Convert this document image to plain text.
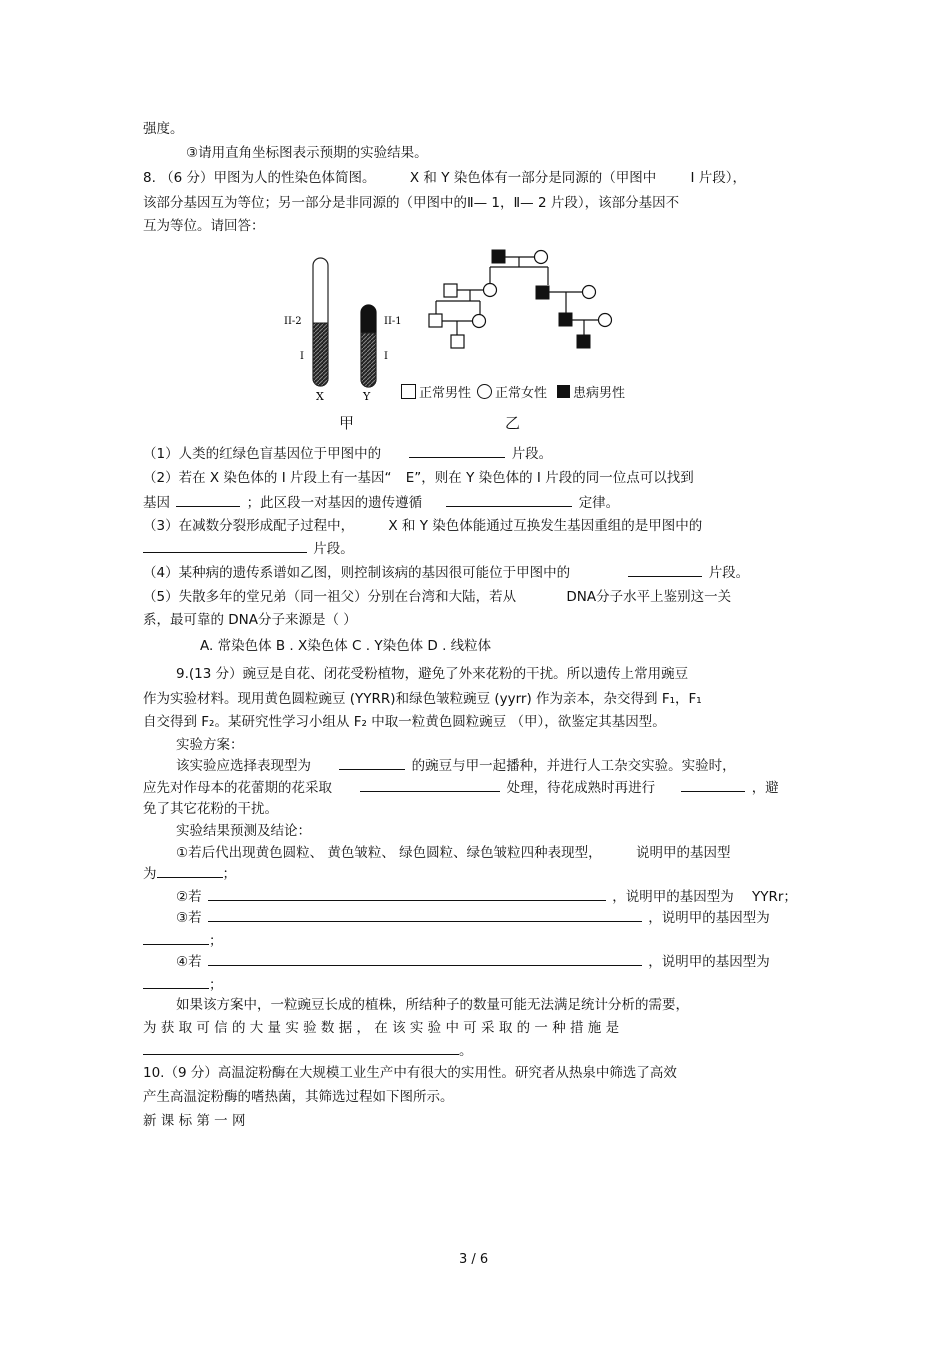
强度。
③请用直角坐标图表示预期的实验结果。
8. （6 分）甲图为人的性染色体简图。	X 和 Y 染色体有一部分是同源的（甲图中	I 片段），
该部分基因互为等位；另一部分是非同源的（甲图中的Ⅱ— 1，Ⅱ— 2 片段），该部分基因不
互为等位。请回答：
II-2
I
II-1
I
X	Y
甲
正常男性 正常女性 患病男性
乙
（1）人类的红绿色盲基因位于甲图中的	片段。
（2）若在 X 染色体的 I 片段上有一基因“ E”，则在 Y 染色体的 I 片段的同一位点可以找到
基因	；此区段一对基因的遗传遵循	定律。
（3）在减数分裂形成配子过程中，	X 和 Y 染色体能通过互换发生基因重组的是甲图中的
片段。
（4）某种病的遗传系谱如乙图，则控制该病的基因很可能位于甲图中的	片段。
（5）失散多年的堂兄弟（同一祖父）分别在台湾和大陆，若从	DNA分子水平上鉴别这一关
系，最可靠的 DNA分子来源是（ ）
A. 常染色体 B . X染色体 C . Y染色体 D . 线粒体
9.(13 分）豌豆是自花、闭花受粉植物，避免了外来花粉的干扰。所以遗传上常用豌豆
作为实验材料。现用黄色圆粒豌豆 (YYRR)和绿色皱粒豌豆 (yyrr) 作为亲本，杂交得到 F₁，F₁
自交得到 F₂。某研究性学习小组从 F₂ 中取一粒黄色圆粒豌豆 （甲），欲鉴定其基因型。
实验方案：
该实验应选择表现型为	的豌豆与甲一起播种，并进行人工杂交实验。实验时，
应先对作母本的花蕾期的花采取	处理，待花成熟时再进行	，避
免了其它花粉的干扰。
实验结果预测及结论：
①若后代出现黄色圆粒、 黄色皱粒、 绿色圆粒、绿色皱粒四种表现型，	说明甲的基因型
为	；
②若	，说明甲的基因型为 YYRr；
③若	，说明甲的基因型为
；
④若	，说明甲的基因型为
；
如果该方案中，一粒豌豆长成的植株，所结种子的数量可能无法满足统计分析的需要，
为 获 取 可 信 的 大 量 实 验 数 据 ， 在 该 实 验 中 可 采 取 的 一 种 措 施 是
。
10.（9 分）高温淀粉酶在大规模工业生产中有很大的实用性。研究者从热泉中筛选了高效
产生高温淀粉酶的嗜热菌，其筛选过程如下图所示。
新 课 标 第 一 网
3 / 6
